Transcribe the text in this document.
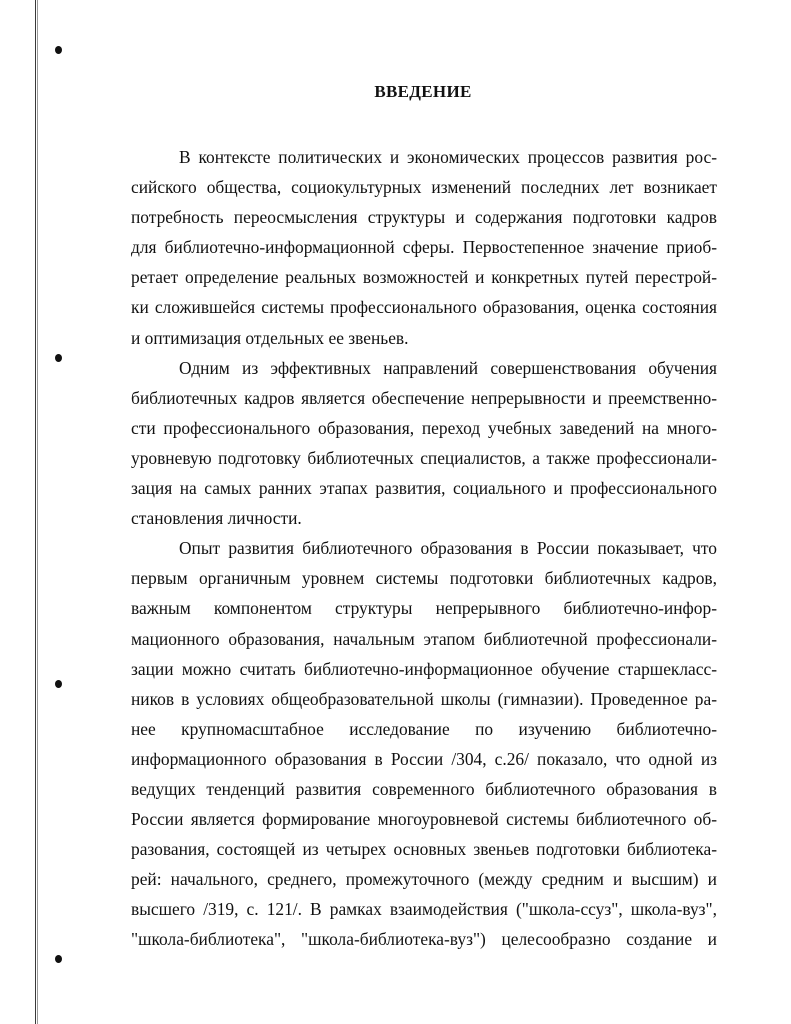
ВВЕДЕНИЕ
В контексте политических и экономических процессов развития рос-
сийского общества, социокультурных изменений последних лет возникает
потребность переосмысления структуры и содержания подготовки кадров
для библиотечно-информационной сферы. Первостепенное значение приоб-
ретает определение реальных возможностей и конкретных путей перестрой-
ки сложившейся системы профессионального образования, оценка состояния
и оптимизация отдельных ее звеньев.
Одним из эффективных направлений совершенствования обучения
библиотечных кадров является обеспечение непрерывности и преемственно-
сти профессионального образования, переход учебных заведений на много-
уровневую подготовку библиотечных специалистов, а также профессионали-
зация на самых ранних этапах развития, социального и профессионального
становления личности.
Опыт развития библиотечного образования в России показывает, что
первым органичным уровнем системы подготовки библиотечных кадров,
важным компонентом структуры непрерывного библиотечно-инфор-
мационного образования, начальным этапом библиотечной профессионали-
зации можно считать библиотечно-информационное обучение старшекласс-
ников в условиях общеобразовательной школы (гимназии). Проведенное ра-
нее крупномасштабное исследование по изучению библиотечно-
информационного образования в России /304, с.26/ показало, что одной из
ведущих тенденций развития современного библиотечного образования в
России является формирование многоуровневой системы библиотечного об-
разования, состоящей из четырех основных звеньев подготовки библиотека-
рей: начального, среднего, промежуточного (между средним и высшим) и
высшего /319, с. 121/. В рамках взаимодействия ("школа-ссуз", школа-вуз",
"школа-библиотека", "школа-библиотека-вуз") целесообразно создание и
